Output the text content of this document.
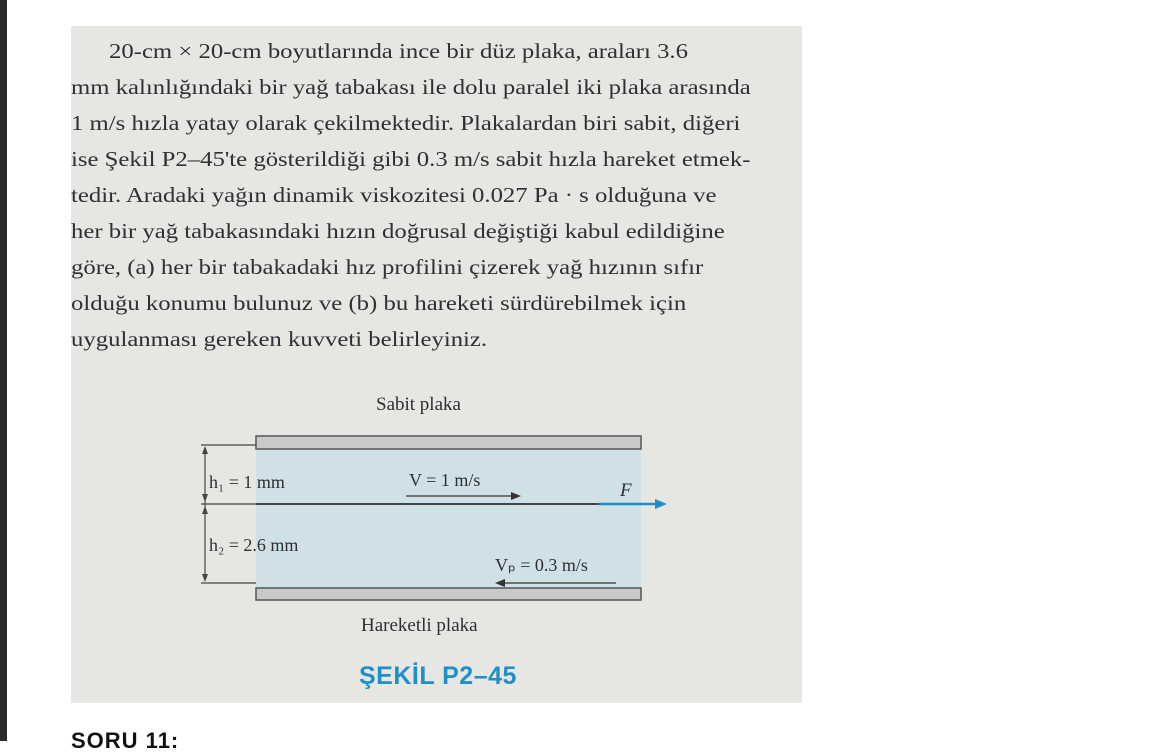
20-cm × 20-cm boyutlarında ince bir düz plaka, araları 3.6
mm kalınlığındaki bir yağ tabakası ile dolu paralel iki plaka arasında
1 m/s hızla yatay olarak çekilmektedir. Plakalardan biri sabit, diğeri
ise Şekil P2–45'te gösterildiği gibi 0.3 m/s sabit hızla hareket etmek-
tedir. Aradaki yağın dinamik viskozitesi 0.027 Pa · s olduğuna ve
her bir yağ tabakasındaki hızın doğrusal değiştiği kabul edildiğine
göre, (a) her bir tabakadaki hız profilini çizerek yağ hızının sıfır
olduğu konumu bulunuz ve (b) bu hareketi sürdürebilmek için
uygulanması gereken kuvveti belirleyiniz.
Sabit plaka
h₁ = 1 mm
h₂ = 2.6 mm
V = 1 m/s
Vₚ = 0.3 m/s
F
Hareketli plaka
ŞEKİL P2–45
SORU 11:
